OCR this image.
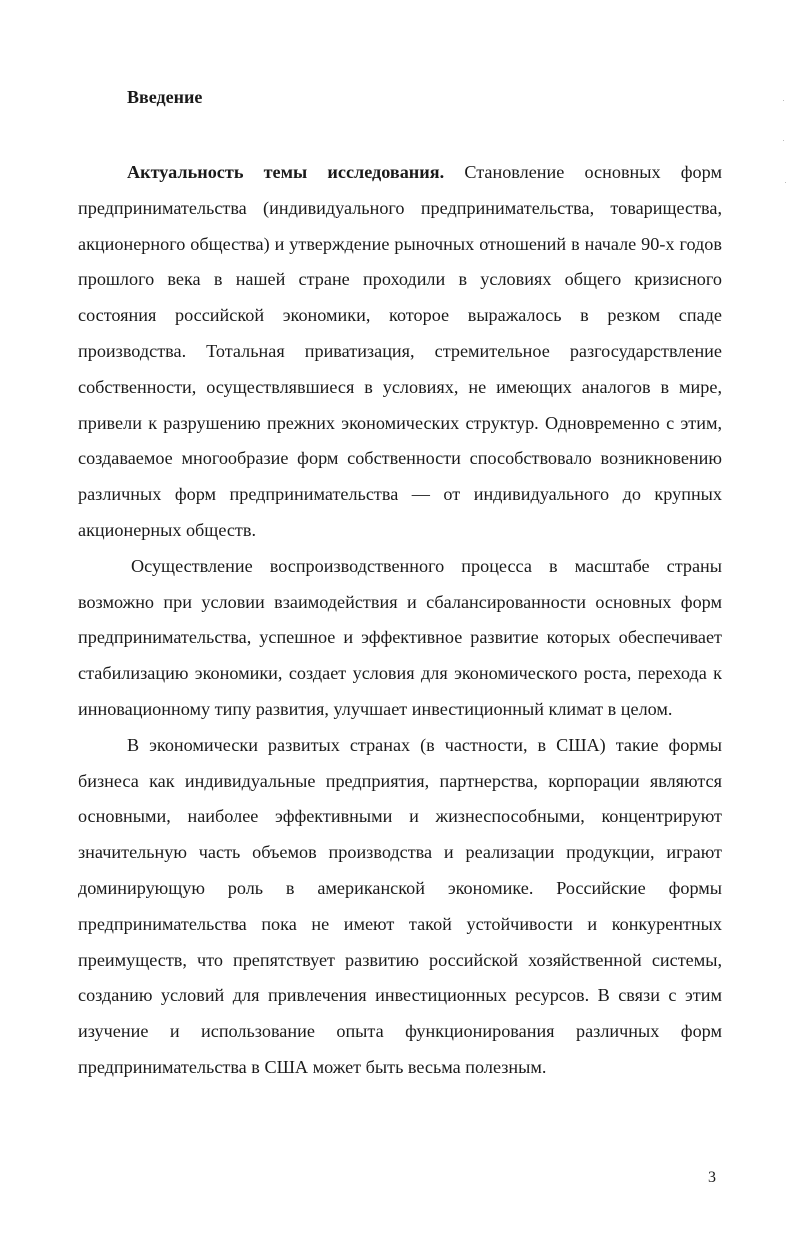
Введение

Актуальность темы исследования. Становление основных форм предпринимательства (индивидуального предпринимательства, товарищества, акционерного общества) и утверждение рыночных отношений в начале 90-х годов прошлого века в нашей стране проходили в условиях общего кризисного состояния российской экономики, которое выражалось в резком спаде производства. Тотальная приватизация, стремительное разгосударствление собственности, осуществлявшиеся в условиях, не имеющих аналогов в мире, привели к разрушению прежних экономических структур. Одновременно с этим, создаваемое многообразие форм собственности способствовало возникновению различных форм предпринимательства — от индивидуального до крупных акционерных обществ.

Осуществление воспроизводственного процесса в масштабе страны возможно при условии взаимодействия и сбалансированности основных форм предпринимательства, успешное и эффективное развитие которых обеспечивает стабилизацию экономики, создает условия для экономического роста, перехода к инновационному типу развития, улучшает инвестиционный климат в целом.

В экономически развитых странах (в частности, в США) такие формы бизнеса как индивидуальные предприятия, партнерства, корпорации являются основными, наиболее эффективными и жизнеспособными, концентрируют значительную часть объемов производства и реализации продукции, играют доминирующую роль в американской экономике. Российские формы предпринимательства пока не имеют такой устойчивости и конкурентных преимуществ, что препятствует развитию российской хозяйственной системы, созданию условий для привлечения инвестиционных ресурсов. В связи с этим изучение и использование опыта функционирования различных форм предпринимательства в США может быть весьма полезным.

3
